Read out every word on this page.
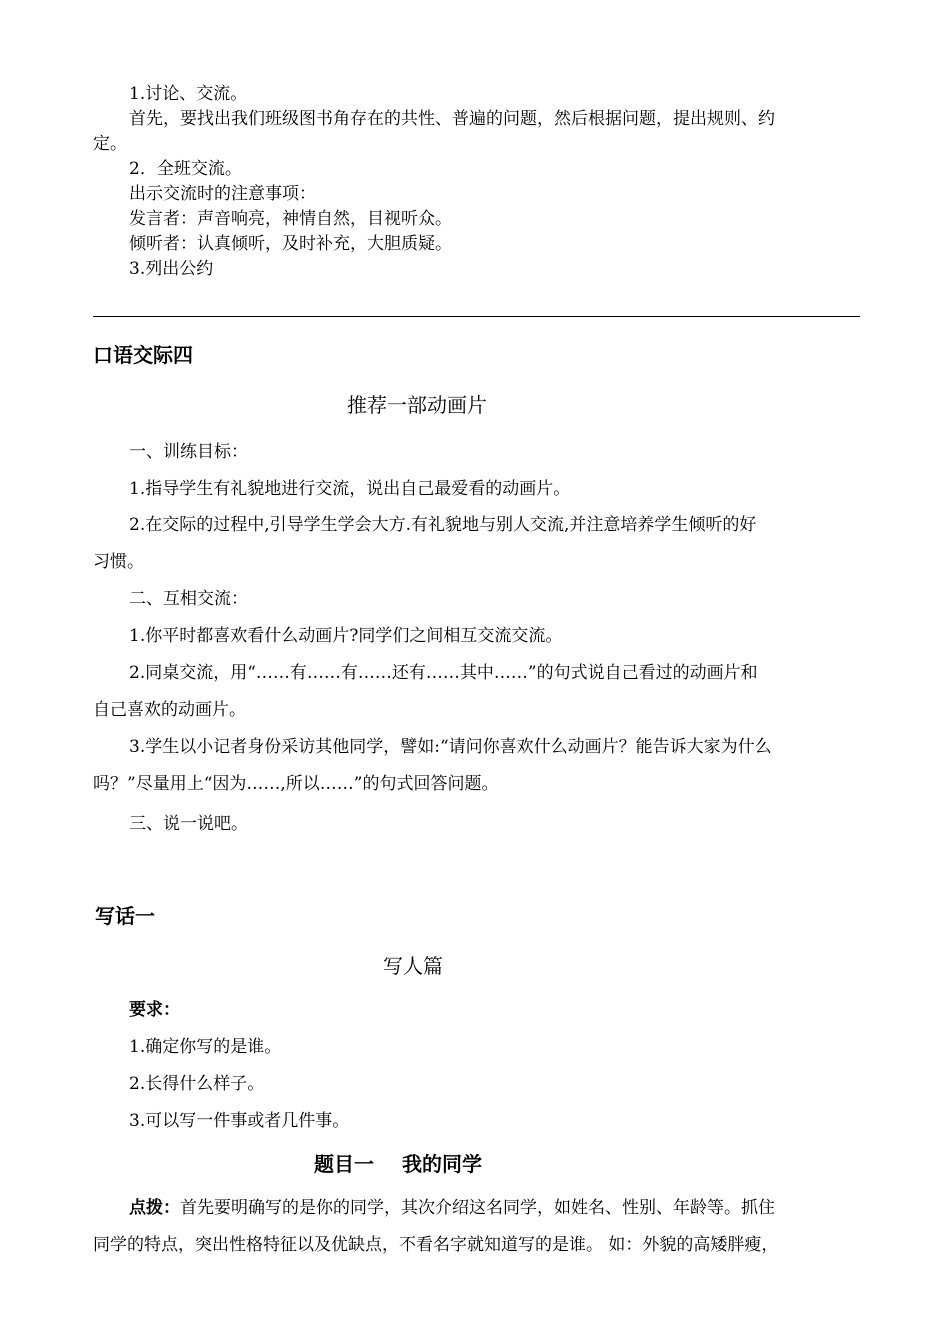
1.讨论、交流。
首先，要找出我们班级图书角存在的共性、普遍的问题，然后根据问题，提出规则、约
定。
2．全班交流。
出示交流时的注意事项：
发言者：声音响亮，神情自然，目视听众。
倾听者：认真倾听，及时补充，大胆质疑。
3.列出公约
口语交际四
推荐一部动画片
一、训练目标：
1.指导学生有礼貌地进行交流，说出自己最爱看的动画片。
2.在交际的过程中,引导学生学会大方.有礼貌地与别人交流,并注意培养学生倾听的好
习惯。
二、互相交流：
1.你平时都喜欢看什么动画片?同学们之间相互交流交流。
2.同桌交流，用“……有……有……还有……其中……”的句式说自己看过的动画片和
自己喜欢的动画片。
3.学生以小记者身份采访其他同学，譬如:“请问你喜欢什么动画片？能告诉大家为什么
吗？”尽量用上“因为……,所以……”的句式回答问题。
三、说一说吧。
写话一
写人篇
要求：
1.确定你写的是谁。
2.长得什么样子。
3.可以写一件事或者几件事。
题目一 我的同学
点拨：首先要明确写的是你的同学，其次介绍这名同学，如姓名、性别、年龄等。抓住
同学的特点，突出性格特征以及优缺点，不看名字就知道写的是谁。 如：外貌的高矮胖瘦，
